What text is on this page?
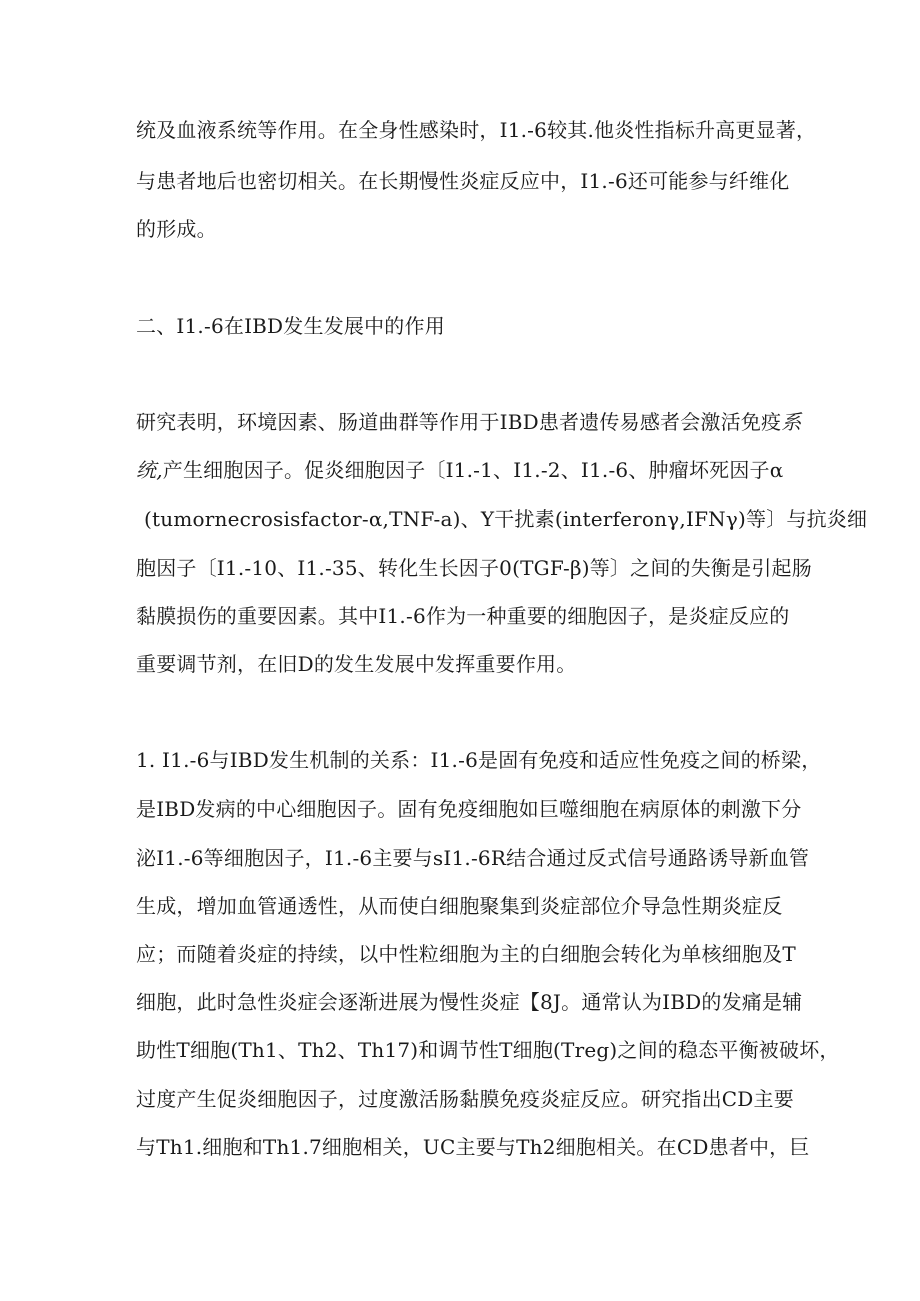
统及血液系统等作用。在全身性感染时，I1.-6较其.他炎性指标升高更显著，
与患者地后也密切相关。在长期慢性炎症反应中，I1.-6还可能参与纤维化
的形成。
二、I1.-6在IBD发生发展中的作用
研究表明，环境因素、肠道曲群等作用于IBD患者遗传易感者会激活免疫系
统,产生细胞因子。促炎细胞因子〔I1.-1、I1.-2、I1.-6、肿瘤坏死因子α
(tumornecrosisfactor-α,TNF-a)、Y干扰素(interferonγ,IFNγ)等〕与抗炎细
胞因子〔I1.-10、I1.-35、转化生长因子0(TGF-β)等〕之间的失衡是引起肠
黏膜损伤的重要因素。其中I1.-6作为一种重要的细胞因子，是炎症反应的
重要调节剂，在旧D的发生发展中发挥重要作用。
1. I1.-6与IBD发生机制的关系：I1.-6是固有免疫和适应性免疫之间的桥梁，
是IBD发病的中心细胞因子。固有免疫细胞如巨噬细胞在病原体的刺激下分
泌I1.-6等细胞因子，I1.-6主要与sI1.-6R结合通过反式信号通路诱导新血管
生成，增加血管通透性，从而使白细胞聚集到炎症部位介导急性期炎症反
应；而随着炎症的持续，以中性粒细胞为主的白细胞会转化为单核细胞及T
细胞，此时急性炎症会逐渐进展为慢性炎症【8J。通常认为IBD的发痛是辅
助性T细胞(Th1、Th2、Th17)和调节性T细胞(Treg)之间的稳态平衡被破坏，
过度产生促炎细胞因子，过度激活肠黏膜免疫炎症反应。研究指出CD主要
与Th1.细胞和Th1.7细胞相关，UC主要与Th2细胞相关。在CD患者中，巨
